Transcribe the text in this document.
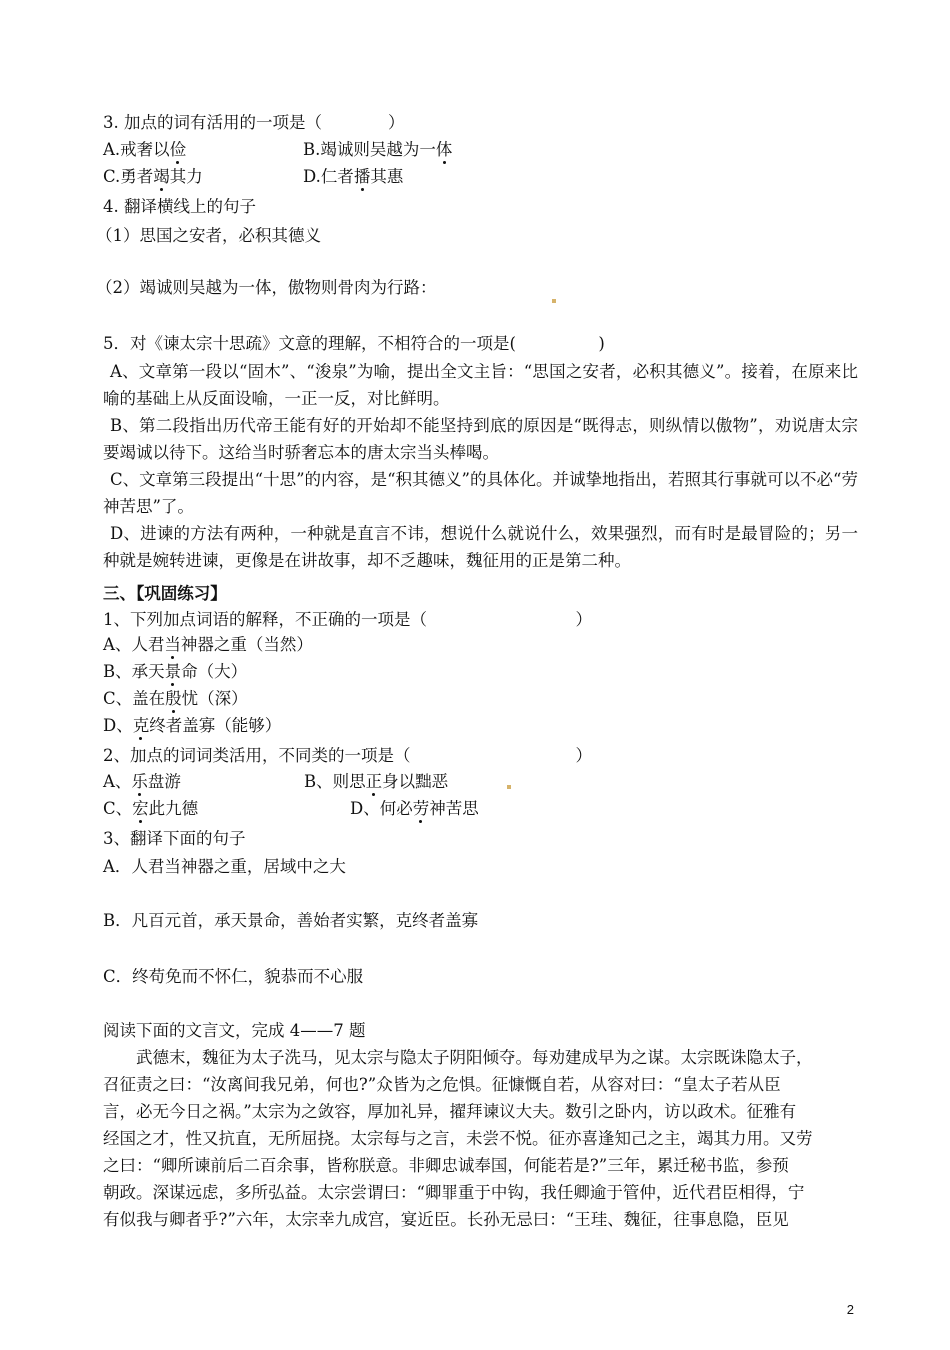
3. 加点的词有活用的一项是（　　　　）
A.戒奢以俭	B.竭诚则吴越为一体
C.勇者竭其力	D.仁者播其惠
4. 翻译横线上的句子
（1）思国之安者，必积其德义
（2）竭诚则吴越为一体，傲物则骨肉为行路：
5．对《谏太宗十思疏》文意的理解，不相符合的一项是(　　　　　)

A、文章第一段以“固木”、“浚泉”为喻，提出全文主旨：“思国之安者，必积其德义”。接着，在原来比喻的基础上从反面设喻，一正一反，对比鲜明。

B、第二段指出历代帝王能有好的开始却不能坚持到底的原因是“既得志，则纵情以傲物”，劝说唐太宗要竭诚以待下。这给当时骄奢忘本的唐太宗当头棒喝。

C、文章第三段提出“十思”的内容，是“积其德义”的具体化。并诚挚地指出，若照其行事就可以不必“劳神苦思”了。

D、进谏的方法有两种，一种就是直言不讳，想说什么就说什么，效果强烈，而有时是最冒险的；另一种就是婉转进谏，更像是在讲故事，却不乏趣味，魏征用的正是第二种。

三、【巩固练习】
1、下列加点词语的解释，不正确的一项是（　　　　　　　　　）
A、人君当神器之重（当然）
B、承天景命（大）
C、盖在殷忧（深）
D、克终者盖寡（能够）
2、加点的词词类活用，不同类的一项是（　　　　　　　　　　）
A、乐盘游	B、则思正身以黜恶
C、宏此九德	D、何必劳神苦思
3、翻译下面的句子
A．人君当神器之重，居域中之大
B．凡百元首，承天景命，善始者实繁，克终者盖寡
C．终苟免而不怀仁，貌恭而不心服
阅读下面的文言文，完成 4——7 题

　　武德末，魏征为太子洗马，见太宗与隐太子阴阳倾夺。每劝建成早为之谋。太宗既诛隐太子，

召征责之曰：“汝离间我兄弟，何也?”众皆为之危惧。征慷慨自若，从容对曰：“皇太子若从臣

言，必无今日之祸。”太宗为之敛容，厚加礼异，擢拜谏议大夫。数引之卧内，访以政术。征雅有

经国之才，性又抗直，无所屈挠。太宗每与之言，未尝不悦。征亦喜逢知己之主，竭其力用。又劳

之曰：“卿所谏前后二百余事，皆称朕意。非卿忠诚奉国，何能若是?”三年，累迁秘书监，参预

朝政。深谋远虑，多所弘益。太宗尝谓曰：“卿罪重于中钩，我任卿逾于管仲，近代君臣相得，宁

有似我与卿者乎?”六年，太宗幸九成宫，宴近臣。长孙无忌曰：“王珪、魏征，往事息隐，臣见

2
